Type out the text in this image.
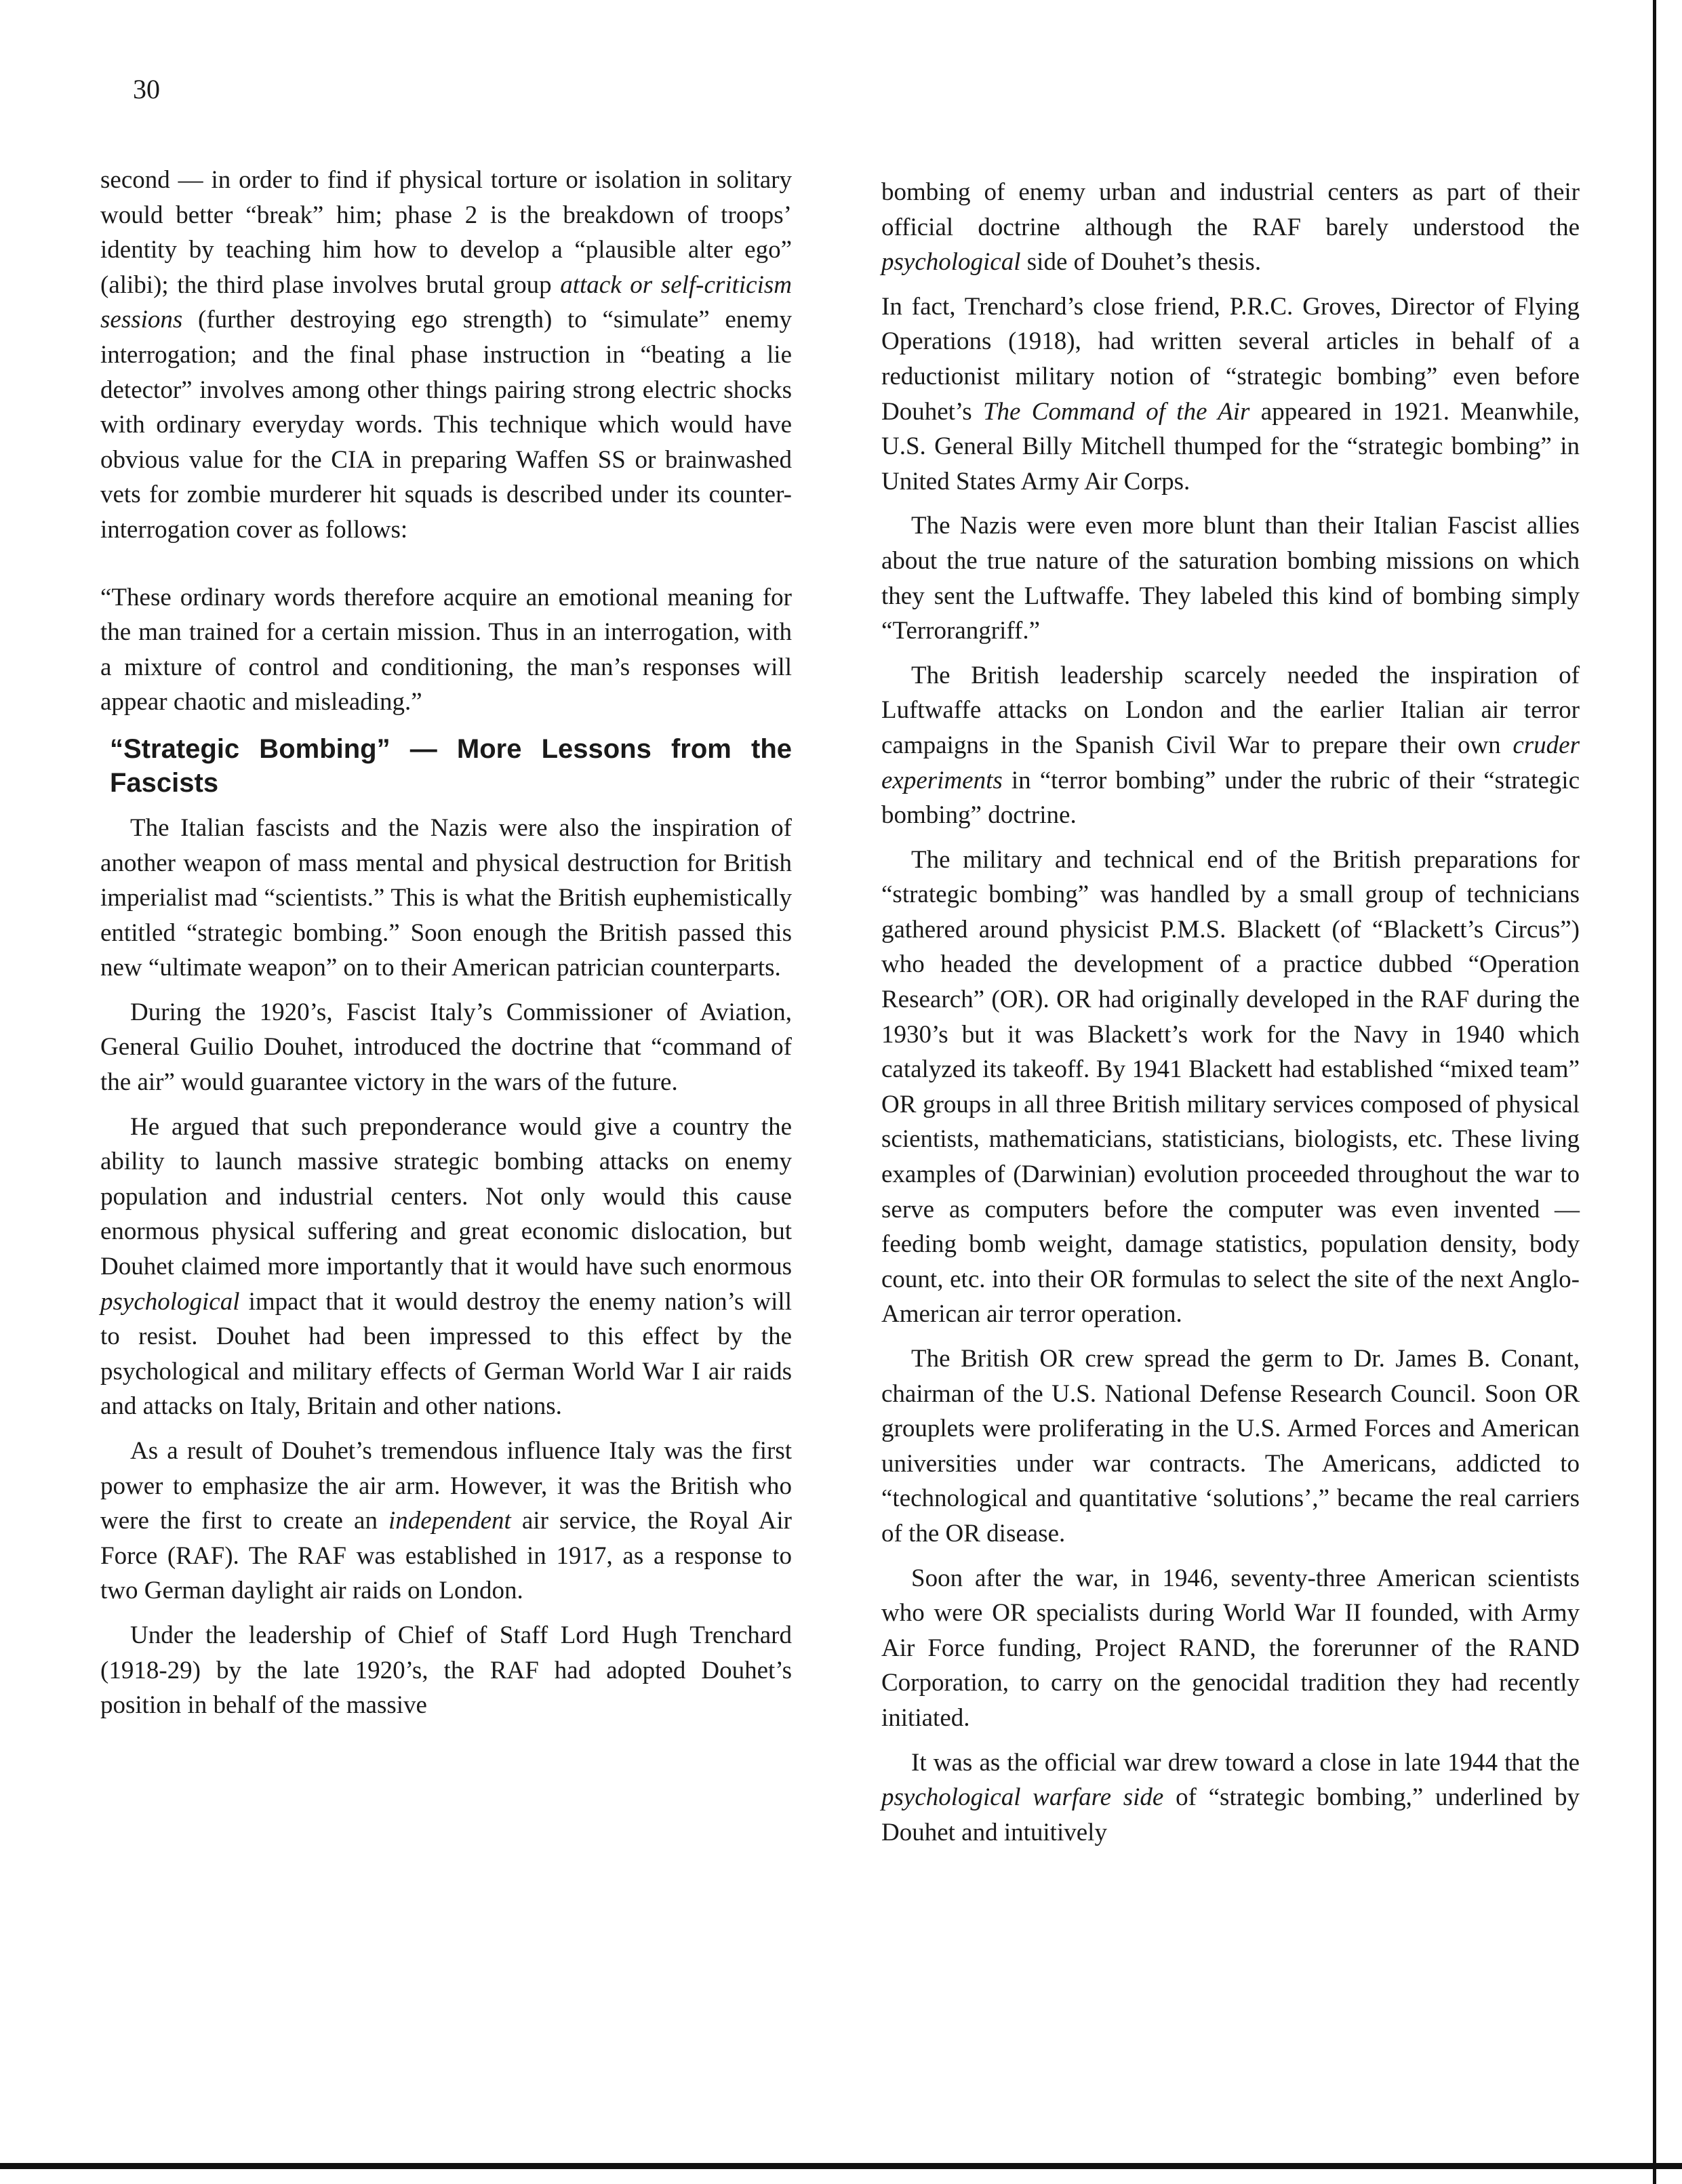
30

second — in order to find if physical torture or isolation in solitary would better “break” him; phase 2 is the breakdown of troops’ identity by teaching him how to develop a “plausible alter ego” (alibi); the third plase involves brutal group attack or self-criticism sessions (further destroying ego strength) to “simulate” enemy interrogation; and the final phase instruction in “beating a lie detector” involves among other things pairing strong electric shocks with ordinary everyday words. This technique which would have obvious value for the CIA in preparing Waffen SS or brainwashed vets for zombie murderer hit squads is described under its counter-interrogation cover as follows:

“These ordinary words therefore acquire an emotional meaning for the man trained for a certain mission. Thus in an interrogation, with a mixture of control and conditioning, the man’s responses will appear chaotic and misleading.”

“Strategic Bombing” — More Lessons from the Fascists

The Italian fascists and the Nazis were also the inspiration of another weapon of mass mental and physical destruction for British imperialist mad “scientists.” This is what the British euphemistically entitled “strategic bombing.” Soon enough the British passed this new “ultimate weapon” on to their American patrician counterparts.

During the 1920’s, Fascist Italy’s Commissioner of Aviation, General Guilio Douhet, introduced the doctrine that “command of the air” would guarantee victory in the wars of the future.

He argued that such preponderance would give a country the ability to launch massive strategic bombing attacks on enemy population and industrial centers. Not only would this cause enormous physical suffering and great economic dislocation, but Douhet claimed more importantly that it would have such enormous psychological impact that it would destroy the enemy nation’s will to resist. Douhet had been impressed to this effect by the psychological and military effects of German World War I air raids and attacks on Italy, Britain and other nations.

As a result of Douhet’s tremendous influence Italy was the first power to emphasize the air arm. However, it was the British who were the first to create an independent air service, the Royal Air Force (RAF). The RAF was established in 1917, as a response to two German daylight air raids on London.

Under the leadership of Chief of Staff Lord Hugh Trenchard (1918-29) by the late 1920’s, the RAF had adopted Douhet’s position in behalf of the massive

bombing of enemy urban and industrial centers as part of their official doctrine although the RAF barely understood the psychological side of Douhet’s thesis.

In fact, Trenchard’s close friend, P.R.C. Groves, Director of Flying Operations (1918), had written several articles in behalf of a reductionist military notion of “strategic bombing” even before Douhet’s The Command of the Air appeared in 1921. Meanwhile, U.S. General Billy Mitchell thumped for the “strategic bombing” in United States Army Air Corps.

The Nazis were even more blunt than their Italian Fascist allies about the true nature of the saturation bombing missions on which they sent the Luftwaffe. They labeled this kind of bombing simply “Terrorangriff.”

The British leadership scarcely needed the inspiration of Luftwaffe attacks on London and the earlier Italian air terror campaigns in the Spanish Civil War to prepare their own cruder experiments in “terror bombing” under the rubric of their “strategic bombing” doctrine.

The military and technical end of the British preparations for “strategic bombing” was handled by a small group of technicians gathered around physicist P.M.S. Blackett (of “Blackett’s Circus”) who headed the development of a practice dubbed “Operation Research” (OR). OR had originally developed in the RAF during the 1930’s but it was Blackett’s work for the Navy in 1940 which catalyzed its takeoff. By 1941 Blackett had established “mixed team” OR groups in all three British military services composed of physical scientists, mathematicians, statisticians, biologists, etc. These living examples of (Darwinian) evolution proceeded throughout the war to serve as computers before the computer was even invented — feeding bomb weight, damage statistics, population density, body count, etc. into their OR formulas to select the site of the next Anglo-American air terror operation.

The British OR crew spread the germ to Dr. James B. Conant, chairman of the U.S. National Defense Research Council. Soon OR grouplets were proliferating in the U.S. Armed Forces and American universities under war contracts. The Americans, addicted to “technological and quantitative ‘solutions’,” became the real carriers of the OR disease.

Soon after the war, in 1946, seventy-three American scientists who were OR specialists during World War II founded, with Army Air Force funding, Project RAND, the forerunner of the RAND Corporation, to carry on the genocidal tradition they had recently initiated.

It was as the official war drew toward a close in late 1944 that the psychological warfare side of “strategic bombing,” underlined by Douhet and intuitively
